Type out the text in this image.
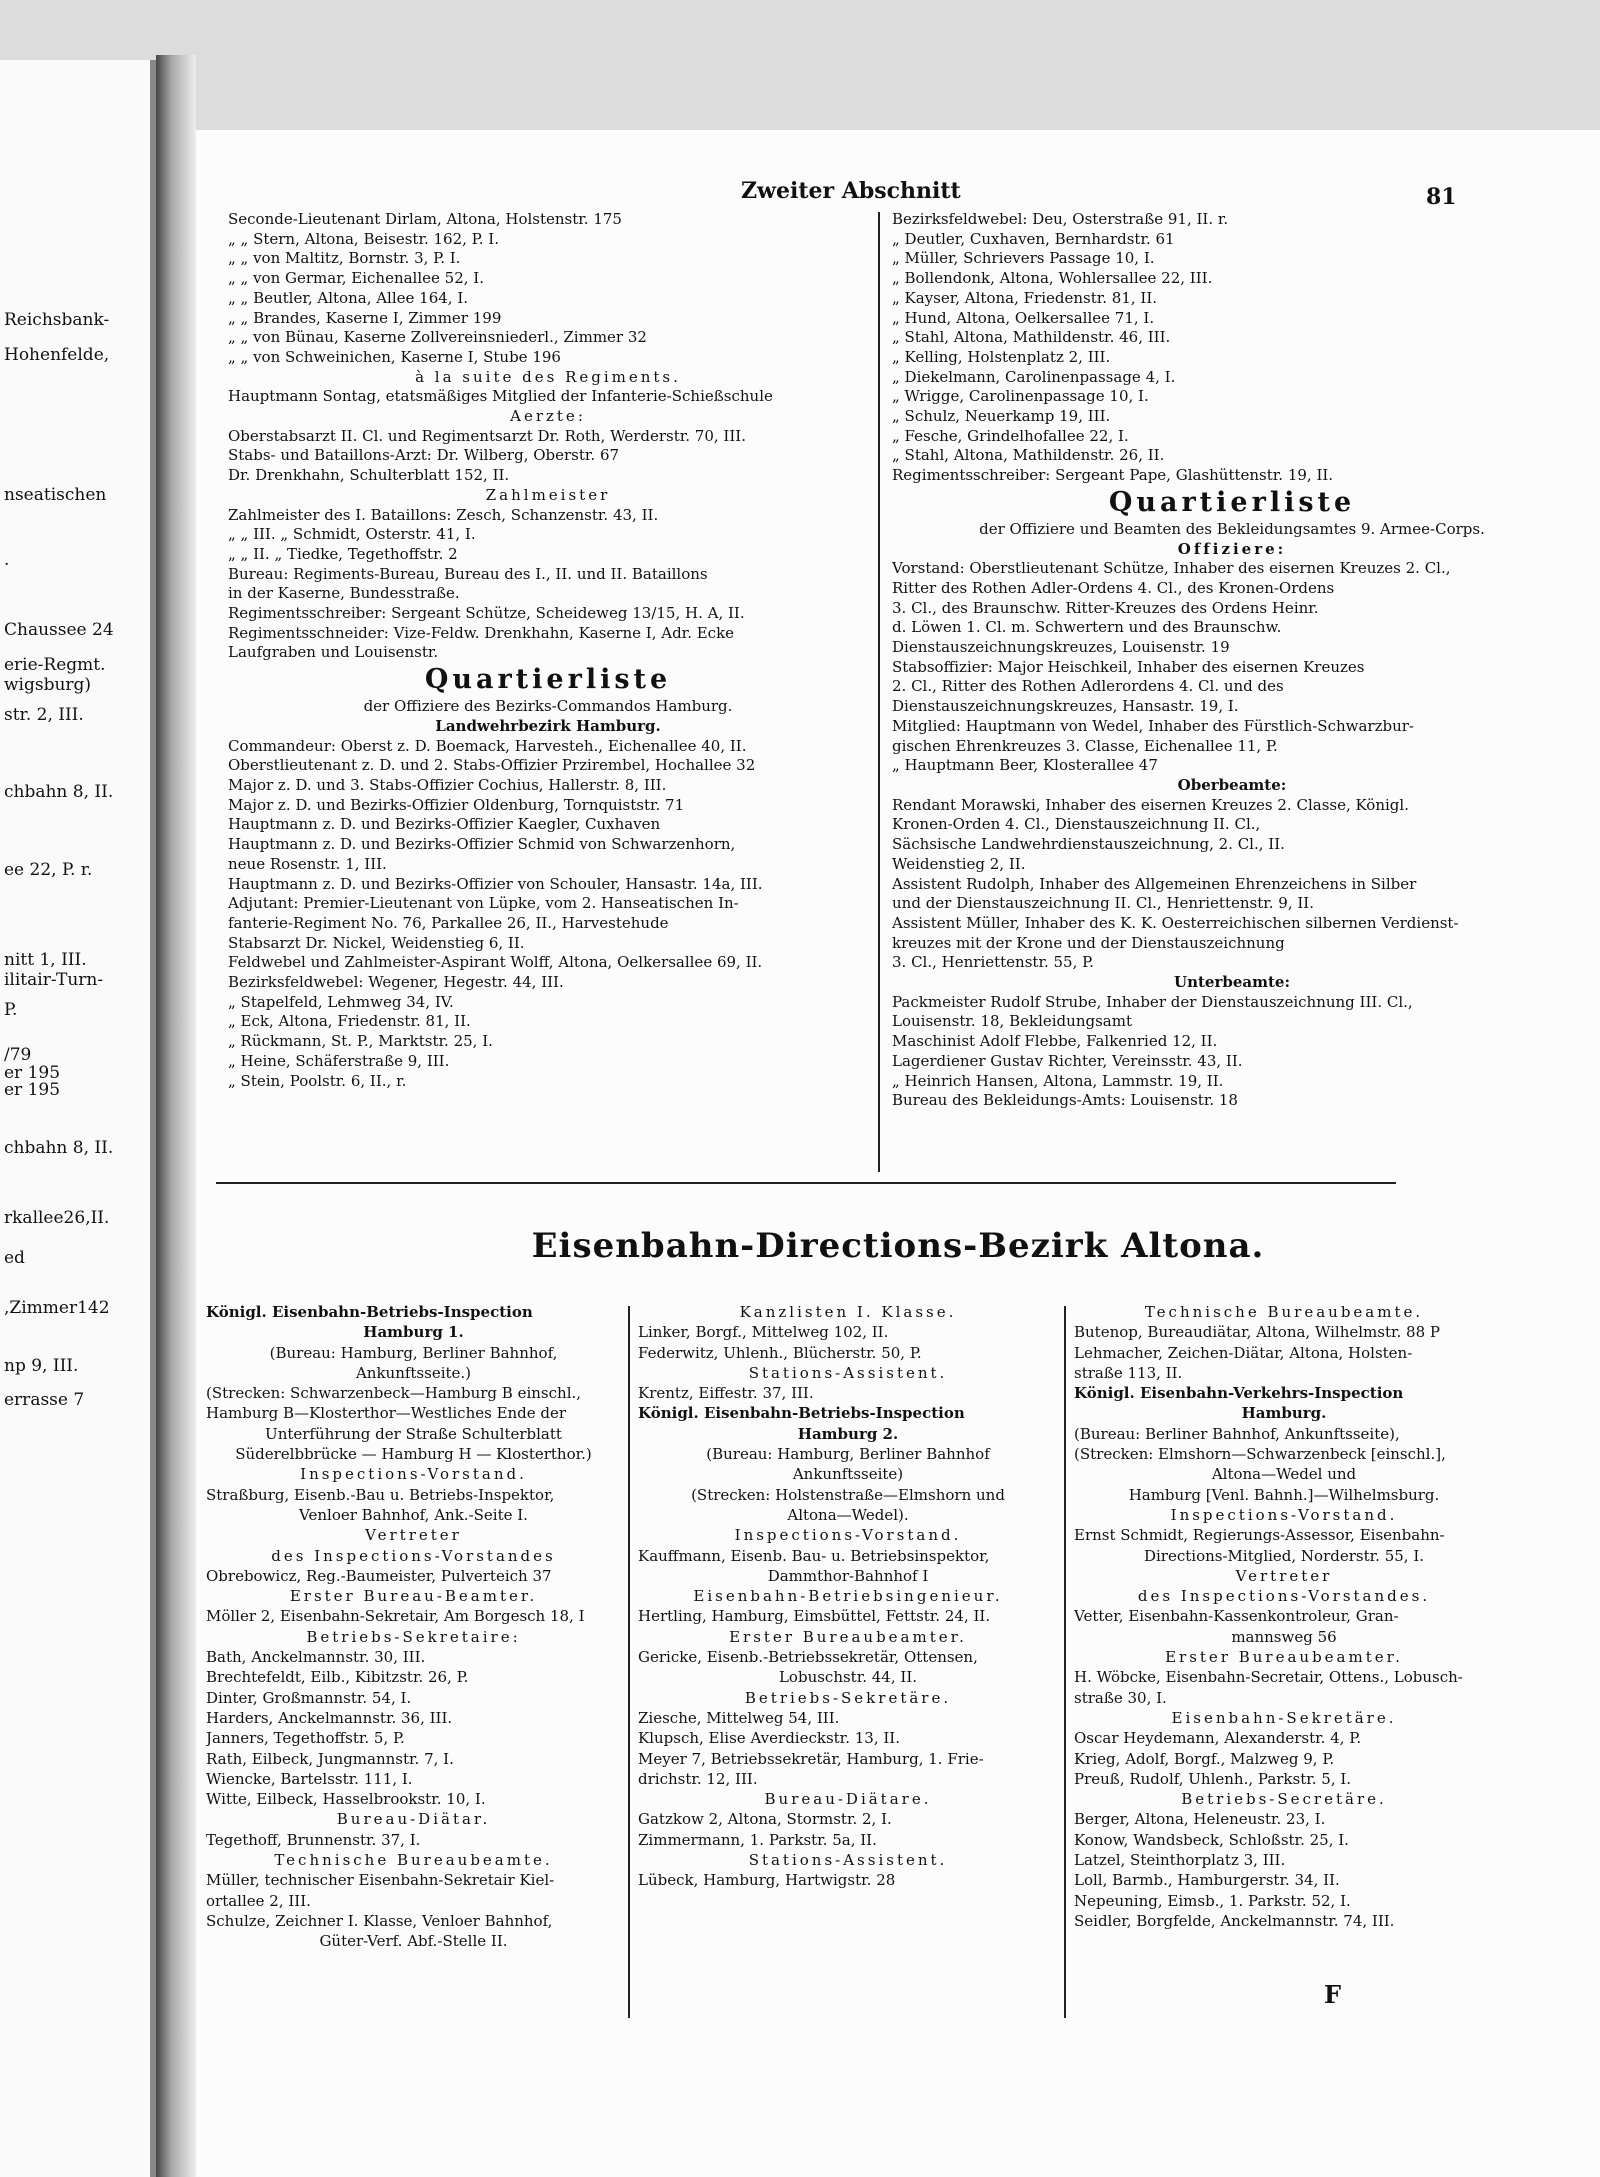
Reichsbank-
Hohenfelde,
nseatischen
.
Chaussee 24
erie-Regmt.
wigsburg)
str. 2, III.
chbahn 8, II.
ee 22, P. r.
nitt 1, III.
ilitair-Turn-
P.
/79
er 195
er 195
chbahn 8, II.
rkallee26,II.
ed
,Zimmer142
np 9, III.
errasse 7
Zweiter Abschnitt	81
Seconde-Lieutenant Dirlam, Altona, Holstenstr. 175
„ „ Stern, Altona, Beisestr. 162, P. I.
„ „ von Maltitz, Bornstr. 3, P. I.
„ „ von Germar, Eichenallee 52, I.
„ „ Beutler, Altona, Allee 164, I.
„ „ Brandes, Kaserne I, Zimmer 199
„ „ von Bünau, Kaserne Zollvereinsniederl., Zimmer 32
„ „ von Schweinichen, Kaserne I, Stube 196
à la suite des Regiments.
Hauptmann Sontag, etatsmäßiges Mitglied der Infanterie-Schießschule
Aerzte:
Oberstabsarzt II. Cl. und Regimentsarzt Dr. Roth, Werderstr. 70, III.
Stabs- und Bataillons-Arzt: Dr. Wilberg, Oberstr. 67
Dr. Drenkhahn, Schulterblatt 152, II.
Zahlmeister
Zahlmeister des I. Bataillons: Zesch, Schanzenstr. 43, II.
„ „ III. „ Schmidt, Osterstr. 41, I.
„ „ II. „ Tiedke, Tegethoffstr. 2
Bureau: Regiments-Bureau, Bureau des I., II. und II. Bataillons
in der Kaserne, Bundesstraße.
Regimentsschreiber: Sergeant Schütze, Scheideweg 13/15, H. A, II.
Regimentsschneider: Vize-Feldw. Drenkhahn, Kaserne I, Adr. Ecke
Laufgraben und Louisenstr.
Quartierliste
der Offiziere des Bezirks-Commandos Hamburg.
Landwehrbezirk Hamburg.
Commandeur: Oberst z. D. Boemack, Harvesteh., Eichenallee 40, II.
Oberstlieutenant z. D. und 2. Stabs-Offizier Przirembel, Hochallee 32
Major z. D. und 3. Stabs-Offizier Cochius, Hallerstr. 8, III.
Major z. D. und Bezirks-Offizier Oldenburg, Tornquiststr. 71
Hauptmann z. D. und Bezirks-Offizier Kaegler, Cuxhaven
Hauptmann z. D. und Bezirks-Offizier Schmid von Schwarzenhorn,
neue Rosenstr. 1, III.
Hauptmann z. D. und Bezirks-Offizier von Schouler, Hansastr. 14a, III.
Adjutant: Premier-Lieutenant von Lüpke, vom 2. Hanseatischen In-
fanterie-Regiment No. 76, Parkallee 26, II., Harvestehude
Stabsarzt Dr. Nickel, Weidenstieg 6, II.
Feldwebel und Zahlmeister-Aspirant Wolff, Altona, Oelkersallee 69, II.
Bezirksfeldwebel: Wegener, Hegestr. 44, III.
„ Stapelfeld, Lehmweg 34, IV.
„ Eck, Altona, Friedenstr. 81, II.
„ Rückmann, St. P., Marktstr. 25, I.
„ Heine, Schäferstraße 9, III.
„ Stein, Poolstr. 6, II., r.
Bezirksfeldwebel: Deu, Osterstraße 91, II. r.
„ Deutler, Cuxhaven, Bernhardstr. 61
„ Müller, Schrievers Passage 10, I.
„ Bollendonk, Altona, Wohlersallee 22, III.
„ Kayser, Altona, Friedenstr. 81, II.
„ Hund, Altona, Oelkersallee 71, I.
„ Stahl, Altona, Mathildenstr. 46, III.
„ Kelling, Holstenplatz 2, III.
„ Diekelmann, Carolinenpassage 4, I.
„ Wrigge, Carolinenpassage 10, I.
„ Schulz, Neuerkamp 19, III.
„ Fesche, Grindelhofallee 22, I.
„ Stahl, Altona, Mathildenstr. 26, II.
Regimentsschreiber: Sergeant Pape, Glashüttenstr. 19, II.
Quartierliste
der Offiziere und Beamten des Bekleidungsamtes 9. Armee-Corps.
Offiziere:
Vorstand: Oberstlieutenant Schütze, Inhaber des eisernen Kreuzes 2. Cl.,
Ritter des Rothen Adler-Ordens 4. Cl., des Kronen-Ordens
3. Cl., des Braunschw. Ritter-Kreuzes des Ordens Heinr.
d. Löwen 1. Cl. m. Schwertern und des Braunschw.
Dienstauszeichnungskreuzes, Louisenstr. 19
Stabsoffizier: Major Heischkeil, Inhaber des eisernen Kreuzes
2. Cl., Ritter des Rothen Adlerordens 4. Cl. und des
Dienstauszeichnungskreuzes, Hansastr. 19, I.
Mitglied: Hauptmann von Wedel, Inhaber des Fürstlich-Schwarzbur-
gischen Ehrenkreuzes 3. Classe, Eichenallee 11, P.
„ Hauptmann Beer, Klosterallee 47
Oberbeamte:
Rendant Morawski, Inhaber des eisernen Kreuzes 2. Classe, Königl.
Kronen-Orden 4. Cl., Dienstauszeichnung II. Cl.,
Sächsische Landwehrdienstauszeichnung, 2. Cl., II.
Weidenstieg 2, II.
Assistent Rudolph, Inhaber des Allgemeinen Ehrenzeichens in Silber
und der Dienstauszeichnung II. Cl., Henriettenstr. 9, II.
Assistent Müller, Inhaber des K. K. Oesterreichischen silbernen Verdienst-
kreuzes mit der Krone und der Dienstauszeichnung
3. Cl., Henriettenstr. 55, P.
Unterbeamte:
Packmeister Rudolf Strube, Inhaber der Dienstauszeichnung III. Cl.,
Louisenstr. 18, Bekleidungsamt
Maschinist Adolf Flebbe, Falkenried 12, II.
Lagerdiener Gustav Richter, Vereinsstr. 43, II.
„ Heinrich Hansen, Altona, Lammstr. 19, II.
Bureau des Bekleidungs-Amts: Louisenstr. 18
Eisenbahn-Directions-Bezirk Altona.
Königl. Eisenbahn-Betriebs-Inspection
Hamburg 1.
(Bureau: Hamburg, Berliner Bahnhof,
Ankunftsseite.)
(Strecken: Schwarzenbeck—Hamburg B einschl.,
Hamburg B—Klosterthor—Westliches Ende der
Unterführung der Straße Schulterblatt
Süderelbbrücke — Hamburg H — Klosterthor.)
Inspections-Vorstand.
Straßburg, Eisenb.-Bau u. Betriebs-Inspektor,
Venloer Bahnhof, Ank.-Seite I.
Vertreter
des Inspections-Vorstandes
Obrebowicz, Reg.-Baumeister, Pulverteich 37
Erster Bureau-Beamter.
Möller 2, Eisenbahn-Sekretair, Am Borgesch 18, I
Betriebs-Sekretaire:
Bath, Anckelmannstr. 30, III.
Brechtefeldt, Eilb., Kibitzstr. 26, P.
Dinter, Großmannstr. 54, I.
Harders, Anckelmannstr. 36, III.
Janners, Tegethoffstr. 5, P.
Rath, Eilbeck, Jungmannstr. 7, I.
Wiencke, Bartelsstr. 111, I.
Witte, Eilbeck, Hasselbrookstr. 10, I.
Bureau-Diätar.
Tegethoff, Brunnenstr. 37, I.
Technische Bureaubeamte.
Müller, technischer Eisenbahn-Sekretair Kiel-
ortallee 2, III.
Schulze, Zeichner I. Klasse, Venloer Bahnhof,
Güter-Verf. Abf.-Stelle II.
Kanzlisten I. Klasse.
Linker, Borgf., Mittelweg 102, II.
Federwitz, Uhlenh., Blücherstr. 50, P.
Stations-Assistent.
Krentz, Eiffestr. 37, III.
Königl. Eisenbahn-Betriebs-Inspection
Hamburg 2.
(Bureau: Hamburg, Berliner Bahnhof
Ankunftsseite)
(Strecken: Holstenstraße—Elmshorn und
Altona—Wedel).
Inspections-Vorstand.
Kauffmann, Eisenb. Bau- u. Betriebsinspektor,
Dammthor-Bahnhof I
Eisenbahn-Betriebsingenieur.
Hertling, Hamburg, Eimsbüttel, Fettstr. 24, II.
Erster Bureaubeamter.
Gericke, Eisenb.-Betriebssekretär, Ottensen,
Lobuschstr. 44, II.
Betriebs-Sekretäre.
Ziesche, Mittelweg 54, III.
Klupsch, Elise Averdieckstr. 13, II.
Meyer 7, Betriebssekretär, Hamburg, 1. Frie-
drichstr. 12, III.
Bureau-Diätare.
Gatzkow 2, Altona, Stormstr. 2, I.
Zimmermann, 1. Parkstr. 5a, II.
Stations-Assistent.
Lübeck, Hamburg, Hartwigstr. 28
Technische Bureaubeamte.
Butenop, Bureaudiätar, Altona, Wilhelmstr. 88 P
Lehmacher, Zeichen-Diätar, Altona, Holsten-
straße 113, II.
Königl. Eisenbahn-Verkehrs-Inspection
Hamburg.
(Bureau: Berliner Bahnhof, Ankunftsseite),
(Strecken: Elmshorn—Schwarzenbeck [einschl.],
Altona—Wedel und
Hamburg [Venl. Bahnh.]—Wilhelmsburg.
Inspections-Vorstand.
Ernst Schmidt, Regierungs-Assessor, Eisenbahn-
Directions-Mitglied, Norderstr. 55, I.
Vertreter
des Inspections-Vorstandes.
Vetter, Eisenbahn-Kassenkontroleur, Gran-
mannsweg 56
Erster Bureaubeamter.
H. Wöbcke, Eisenbahn-Secretair, Ottens., Lobusch-
straße 30, I.
Eisenbahn-Sekretäre.
Oscar Heydemann, Alexanderstr. 4, P.
Krieg, Adolf, Borgf., Malzweg 9, P.
Preuß, Rudolf, Uhlenh., Parkstr. 5, I.
Betriebs-Secretäre.
Berger, Altona, Heleneustr. 23, I.
Konow, Wandsbeck, Schloßstr. 25, I.
Latzel, Steinthorplatz 3, III.
Loll, Barmb., Hamburgerstr. 34, II.
Nepeuning, Eimsb., 1. Parkstr. 52, I.
Seidler, Borgfelde, Anckelmannstr. 74, III.
F
